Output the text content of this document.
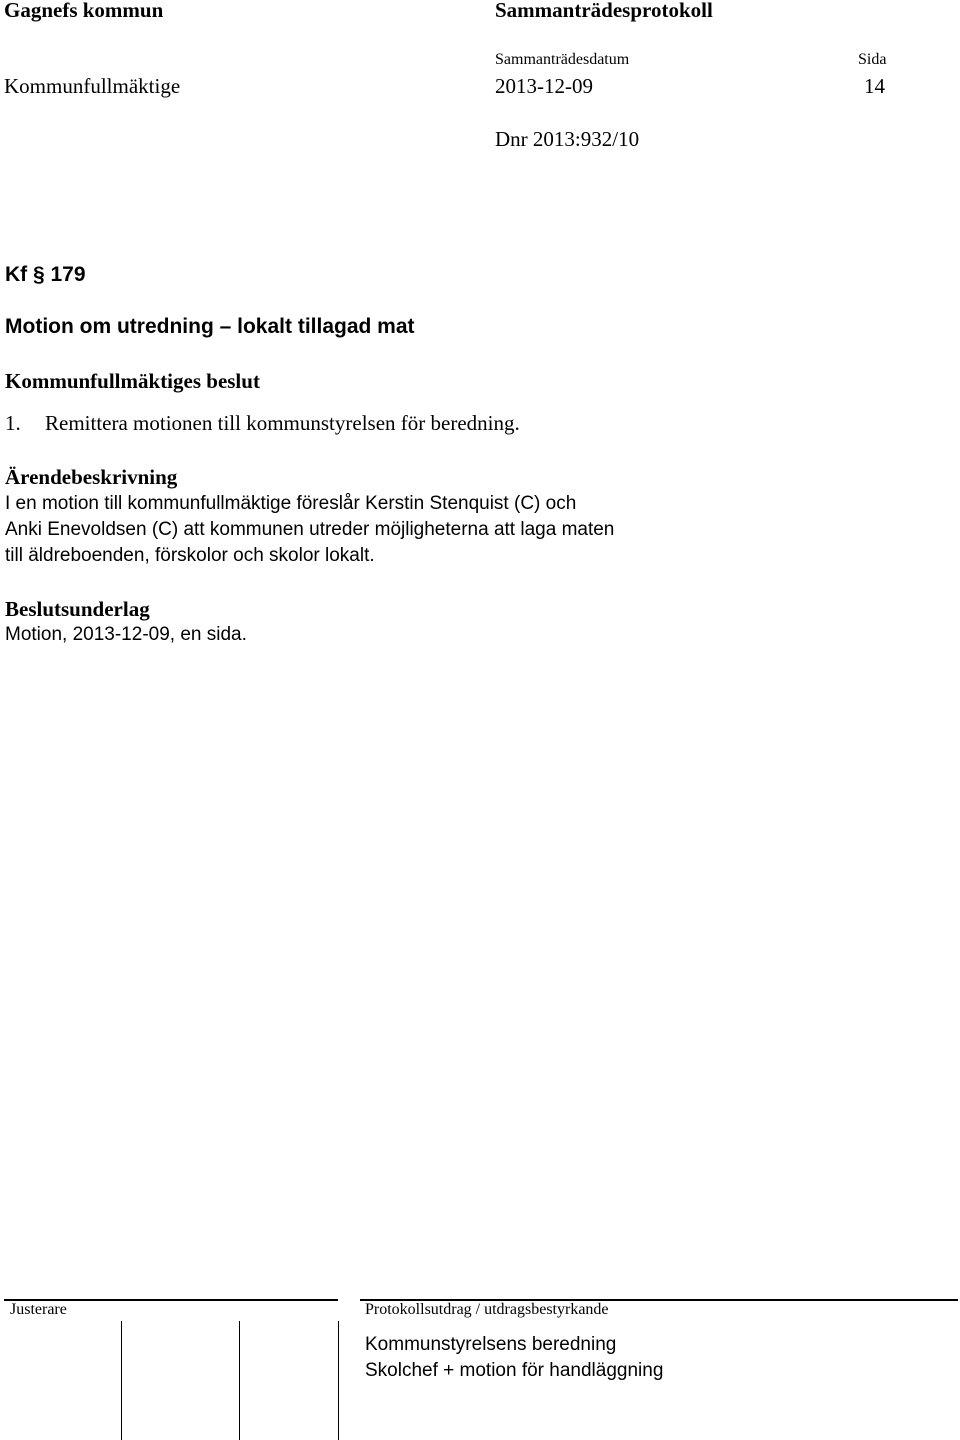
Gagnefs kommun	Sammanträdesprotokoll
Sammanträdesdatum	Sida
Kommunfullmäktige	2013-12-09	14
Dnr 2013:932/10
Kf § 179
Motion om utredning – lokalt tillagad mat
Kommunfullmäktiges beslut
1. Remittera motionen till kommunstyrelsen för beredning.
Ärendebeskrivning
I en motion till kommunfullmäktige föreslår Kerstin Stenquist (C) och
Anki Enevoldsen (C) att kommunen utreder möjligheterna att laga maten
till äldreboenden, förskolor och skolor lokalt.
Beslutsunderlag
Motion, 2013-12-09, en sida.
Justerare	Protokollsutdrag / utdragsbestyrkande
Kommunstyrelsens beredning
Skolchef + motion för handläggning
